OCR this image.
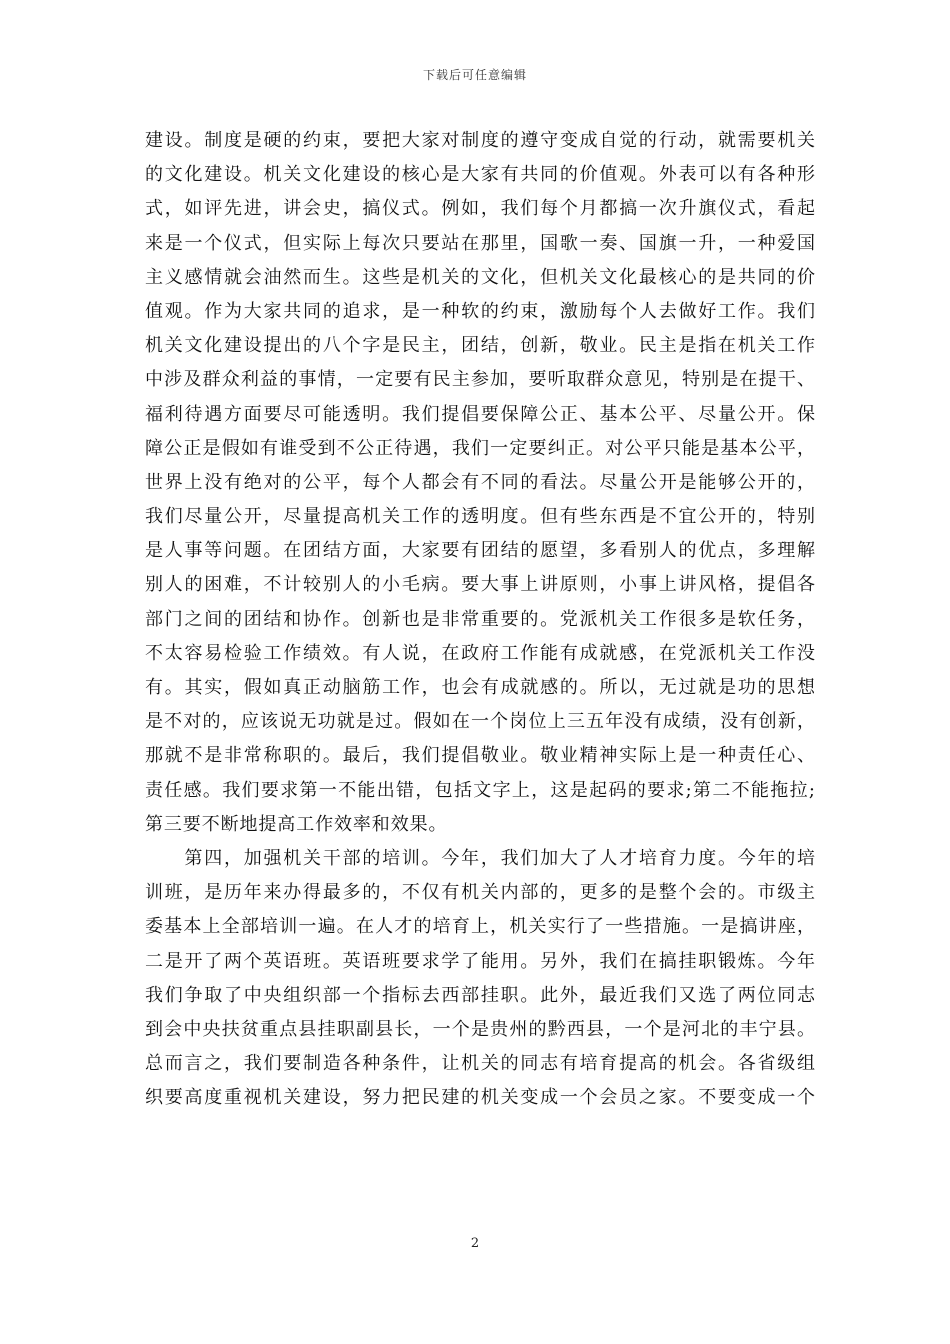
下载后可任意编辑
建设。制度是硬的约束，要把大家对制度的遵守变成自觉的行动，就需要机关
的文化建设。机关文化建设的核心是大家有共同的价值观。外表可以有各种形
式，如评先进，讲会史，搞仪式。例如，我们每个月都搞一次升旗仪式，看起
来是一个仪式，但实际上每次只要站在那里，国歌一奏、国旗一升，一种爱国
主义感情就会油然而生。这些是机关的文化，但机关文化最核心的是共同的价
值观。作为大家共同的追求，是一种软的约束，激励每个人去做好工作。我们
机关文化建设提出的八个字是民主，团结，创新，敬业。民主是指在机关工作
中涉及群众利益的事情，一定要有民主参加，要听取群众意见，特别是在提干、
福利待遇方面要尽可能透明。我们提倡要保障公正、基本公平、尽量公开。保
障公正是假如有谁受到不公正待遇，我们一定要纠正。对公平只能是基本公平，
世界上没有绝对的公平，每个人都会有不同的看法。尽量公开是能够公开的，
我们尽量公开，尽量提高机关工作的透明度。但有些东西是不宜公开的，特别
是人事等问题。在团结方面，大家要有团结的愿望，多看别人的优点，多理解
别人的困难，不计较别人的小毛病。要大事上讲原则，小事上讲风格，提倡各
部门之间的团结和协作。创新也是非常重要的。党派机关工作很多是软任务，
不太容易检验工作绩效。有人说，在政府工作能有成就感，在党派机关工作没
有。其实，假如真正动脑筋工作，也会有成就感的。所以，无过就是功的思想
是不对的，应该说无功就是过。假如在一个岗位上三五年没有成绩，没有创新，
那就不是非常称职的。最后，我们提倡敬业。敬业精神实际上是一种责任心、
责任感。我们要求第一不能出错，包括文字上，这是起码的要求;第二不能拖拉;
第三要不断地提高工作效率和效果。
　　第四，加强机关干部的培训。今年，我们加大了人才培育力度。今年的培
训班，是历年来办得最多的，不仅有机关内部的，更多的是整个会的。市级主
委基本上全部培训一遍。在人才的培育上，机关实行了一些措施。一是搞讲座，
二是开了两个英语班。英语班要求学了能用。另外，我们在搞挂职锻炼。今年
我们争取了中央组织部一个指标去西部挂职。此外，最近我们又选了两位同志
到会中央扶贫重点县挂职副县长，一个是贵州的黔西县，一个是河北的丰宁县。
总而言之，我们要制造各种条件，让机关的同志有培育提高的机会。各省级组
织要高度重视机关建设，努力把民建的机关变成一个会员之家。不要变成一个
2
